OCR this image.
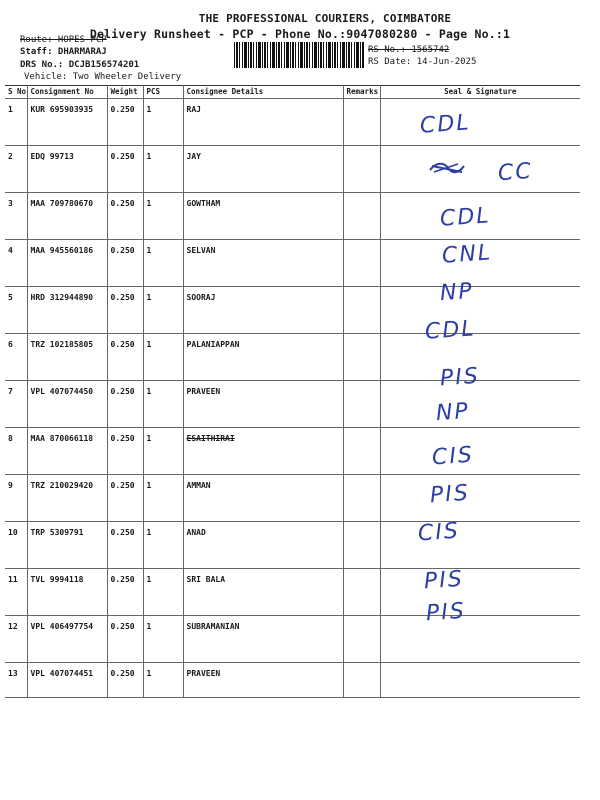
THE PROFESSIONAL COURIERS, COIMBATORE
Delivery Runsheet - PCP - Phone No.:9047080280 - Page No.:1
Route: HOPES PCP
Staff: DHARMARAJ
DRS No.: DCJB156574201
Vehicle: Two Wheeler Delivery
RS No.: 1565742
RS Date: 14-Jun-2025
S No	Consignment No	Weight	PCS	Consignee Details	Remarks	Seal & Signature
1	KUR 695903935	0.250	1	RAJ		
2	EDQ 99713	0.250	1	JAY		
3	MAA 709780670	0.250	1	GOWTHAM		
4	MAA 945560186	0.250	1	SELVAN		
5	HRD 312944890	0.250	1	SOORAJ		
6	TRZ 102185805	0.250	1	PALANIAPPAN		
7	VPL 407074450	0.250	1	PRAVEEN		
8	MAA 870066118	0.250	1	ESAITHIRAI		
9	TRZ 210029420	0.250	1	AMMAN		
10	TRP 5309791	0.250	1	ANAD		
11	TVL 9994118	0.250	1	SRI BALA		
12	VPL 406497754	0.250	1	SUBRAMANIAN		
13	VPL 407074451	0.250	1	PRAVEEN		
CDL
CC
CDL
CNL
NP
CDL
PIS
NP
CIS
PIS
CIS
PIS
PIS
